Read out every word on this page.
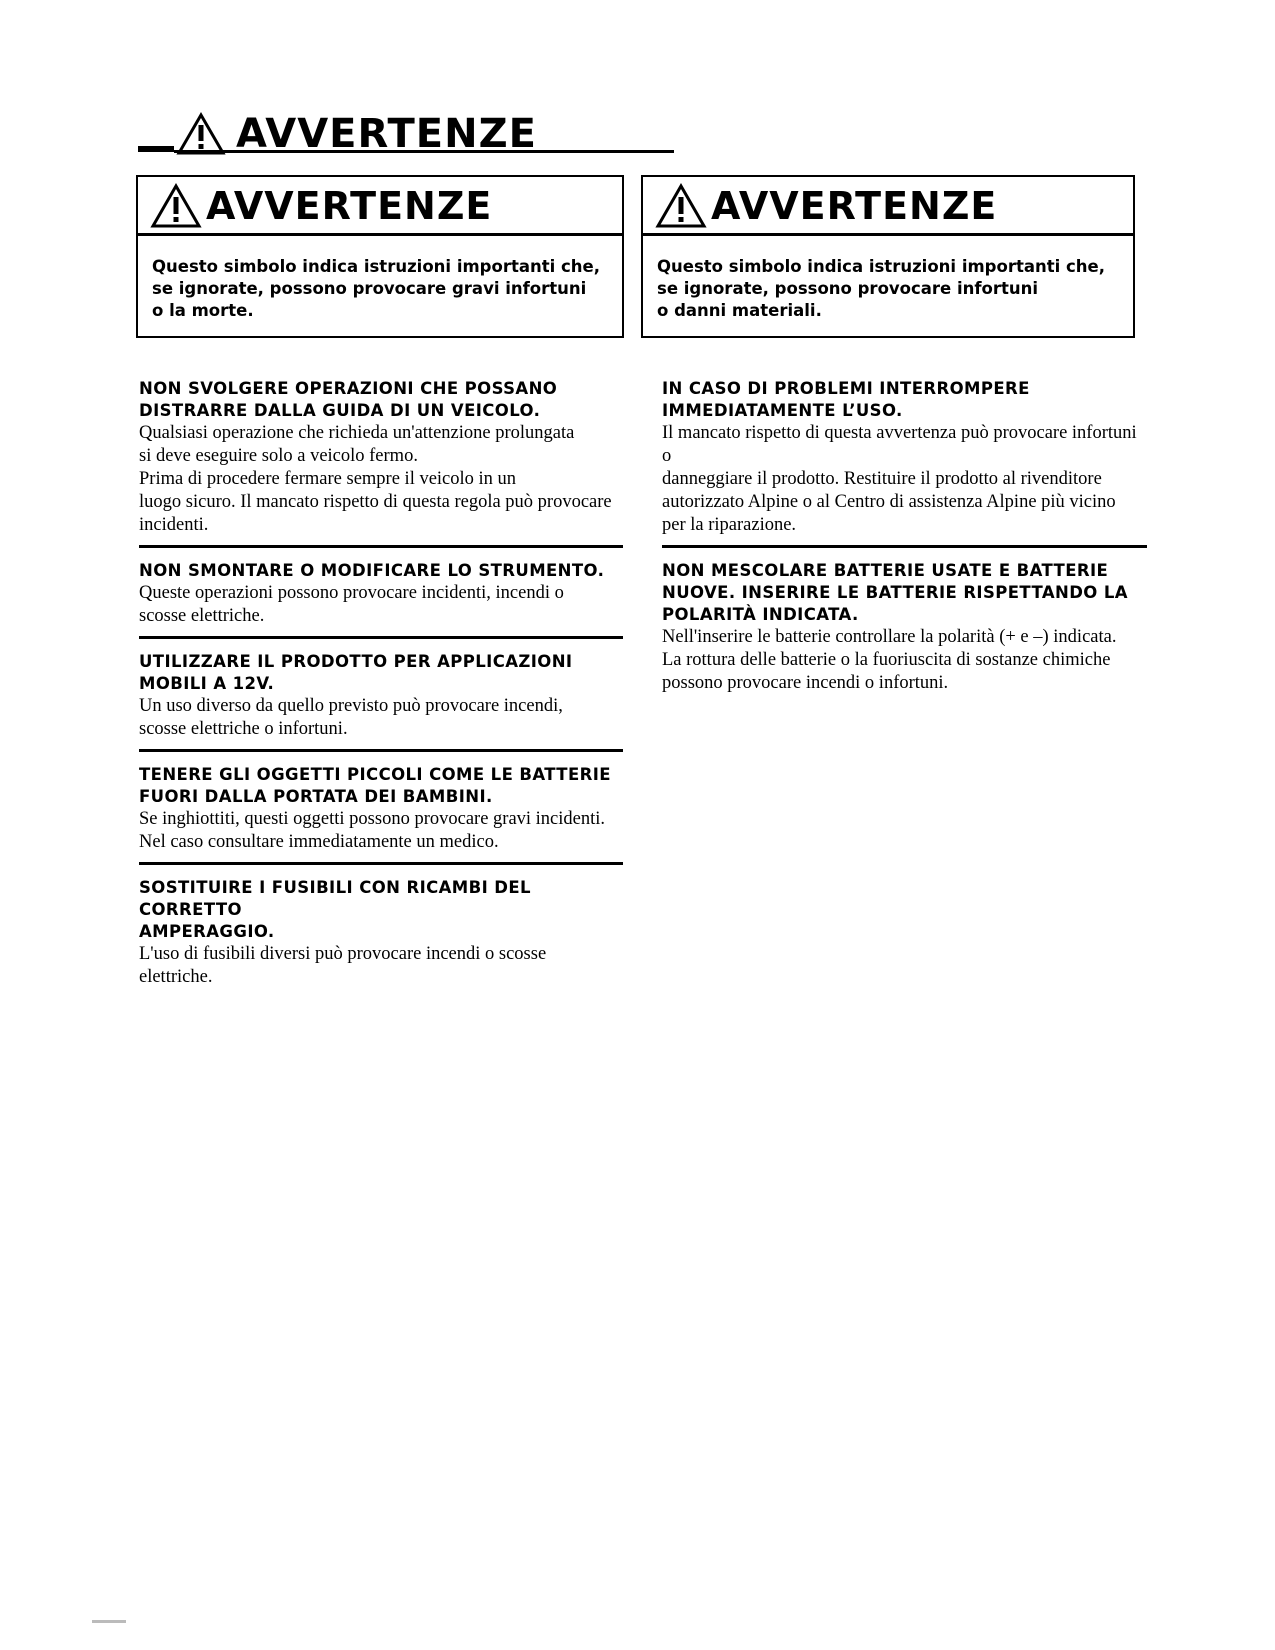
AVVERTENZE
AVVERTENZE
Questo simbolo indica istruzioni importanti che,
se ignorate, possono provocare gravi infortuni
o la morte.
AVVERTENZE
Questo simbolo indica istruzioni importanti che,
se ignorate, possono provocare infortuni
o danni materiali.
NON SVOLGERE OPERAZIONI CHE POSSANO
DISTRARRE DALLA GUIDA DI UN VEICOLO.

Qualsiasi operazione che richieda un'attenzione prolungata
si deve eseguire solo a veicolo fermo.
Prima di procedere fermare sempre il veicolo in un
luogo sicuro. Il mancato rispetto di questa regola può provocare
incidenti.

NON SMONTARE O MODIFICARE LO STRUMENTO.

Queste operazioni possono provocare incidenti, incendi o
scosse elettriche.

UTILIZZARE IL PRODOTTO PER APPLICAZIONI
MOBILI A 12V.

Un uso diverso da quello previsto può provocare incendi,
scosse elettriche o infortuni.

TENERE GLI OGGETTI PICCOLI COME LE BATTERIE
FUORI DALLA PORTATA DEI BAMBINI.

Se inghiottiti, questi oggetti possono provocare gravi incidenti.
Nel caso consultare immediatamente un medico.

SOSTITUIRE I FUSIBILI CON RICAMBI DEL CORRETTO
AMPERAGGIO.

L'uso di fusibili diversi può provocare incendi o scosse elettriche.

IN CASO DI PROBLEMI INTERROMPERE
IMMEDIATAMENTE L’USO.

Il mancato rispetto di questa avvertenza può provocare infortuni o
danneggiare il prodotto. Restituire il prodotto al rivenditore
autorizzato Alpine o al Centro di assistenza Alpine più vicino
per la riparazione.

NON MESCOLARE BATTERIE USATE E BATTERIE
NUOVE. INSERIRE LE BATTERIE RISPETTANDO LA
POLARITÀ INDICATA.

Nell'inserire le batterie controllare la polarità (+ e –) indicata.
La rottura delle batterie o la fuoriuscita di sostanze chimiche
possono provocare incendi o infortuni.
